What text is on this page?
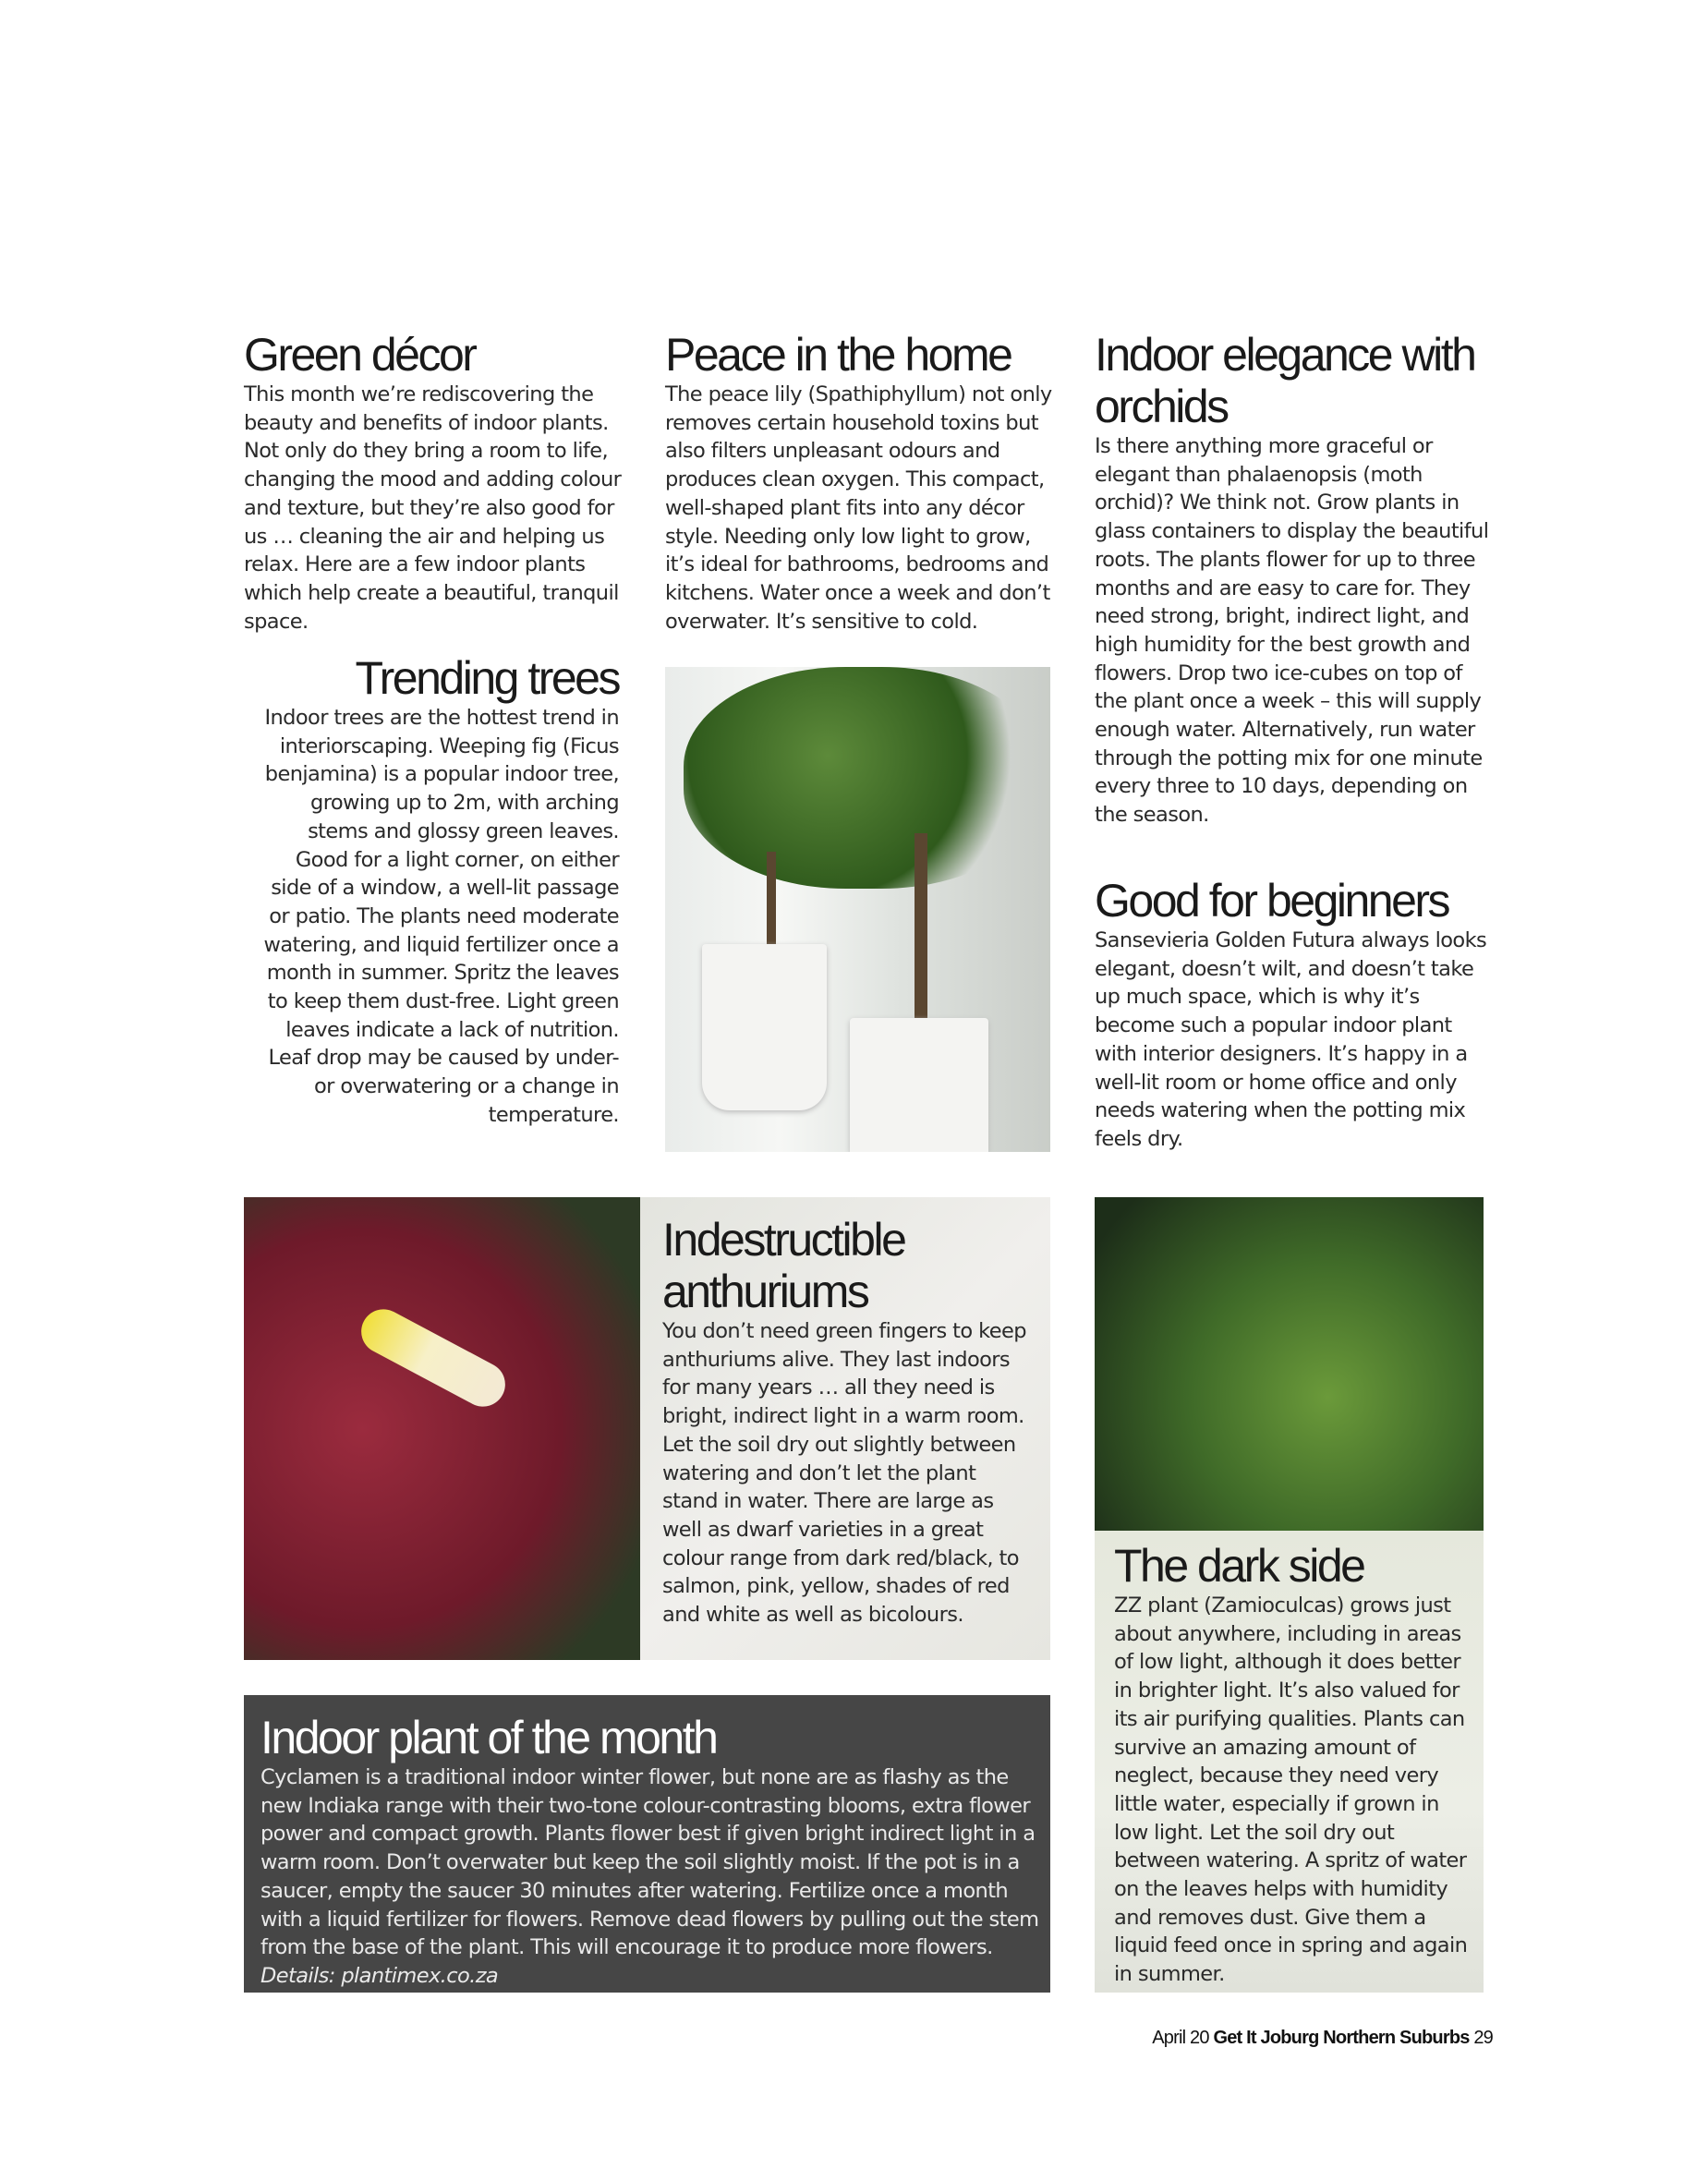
Green décor

This month we’re rediscovering the beauty and benefits of indoor plants. Not only do they bring a room to life, changing the mood and adding colour and texture, but they’re also good for us … cleaning the air and helping us relax. Here are a few indoor plants which help create a beautiful, tranquil space.

Trending trees

Indoor trees are the hottest trend in interiorscaping. Weeping fig (Ficus benjamina) is a popular indoor tree, growing up to 2m, with arching stems and glossy green leaves. Good for a light corner, on either side of a window, a well-lit passage or patio. The plants need moderate watering, and liquid fertilizer once a month in summer. Spritz the leaves to keep them dust-free. Light green leaves indicate a lack of nutrition. Leaf drop may be caused by under- or overwatering or a change in temperature.

Peace in the home

The peace lily (Spathiphyllum) not only removes certain household toxins but also filters unpleasant odours and produces clean oxygen. This compact, well-shaped plant fits into any décor style. Needing only low light to grow, it’s ideal for bathrooms, bedrooms and kitchens. Water once a week and don’t overwater. It’s sensitive to cold.

Indoor elegance with orchids

Is there anything more graceful or elegant than phalaenopsis (moth orchid)? We think not. Grow plants in glass containers to display the beautiful roots. The plants flower for up to three months and are easy to care for. They need strong, bright, indirect light, and high humidity for the best growth and flowers. Drop two ice-cubes on top of the plant once a week – this will supply enough water. Alternatively, run water through the potting mix for one minute every three to 10 days, depending on the season.

Good for beginners

Sansevieria Golden Futura always looks elegant, doesn’t wilt, and doesn’t take up much space, which is why it’s become such a popular indoor plant with interior designers. It’s happy in a well-lit room or home office and only needs watering when the potting mix feels dry.

Indestructible anthuriums

You don’t need green fingers to keep anthuriums alive. They last indoors for many years … all they need is bright, indirect light in a warm room. Let the soil dry out slightly between watering and don’t let the plant stand in water. There are large as well as dwarf varieties in a great colour range from dark red/black, to salmon, pink, yellow, shades of red and white as well as bicolours.

The dark side

ZZ plant (Zamioculcas) grows just about anywhere, including in areas of low light, although it does better in brighter light. It’s also valued for its air purifying qualities. Plants can survive an amazing amount of neglect, because they need very little water, especially if grown in low light. Let the soil dry out between watering. A spritz of water on the leaves helps with humidity and removes dust. Give them a liquid feed once in spring and again in summer.

Indoor plant of the month

Cyclamen is a traditional indoor winter flower, but none are as flashy as the new Indiaka range with their two-tone colour-contrasting blooms, extra flower power and compact growth. Plants flower best if given bright indirect light in a warm room. Don’t overwater but keep the soil slightly moist. If the pot is in a saucer, empty the saucer 30 minutes after watering. Fertilize once a month with a liquid fertilizer for flowers. Remove dead flowers by pulling out the stem from the base of the plant. This will encourage it to produce more flowers. Details: plantimex.co.za

April 20 Get It Joburg Northern Suburbs 29
